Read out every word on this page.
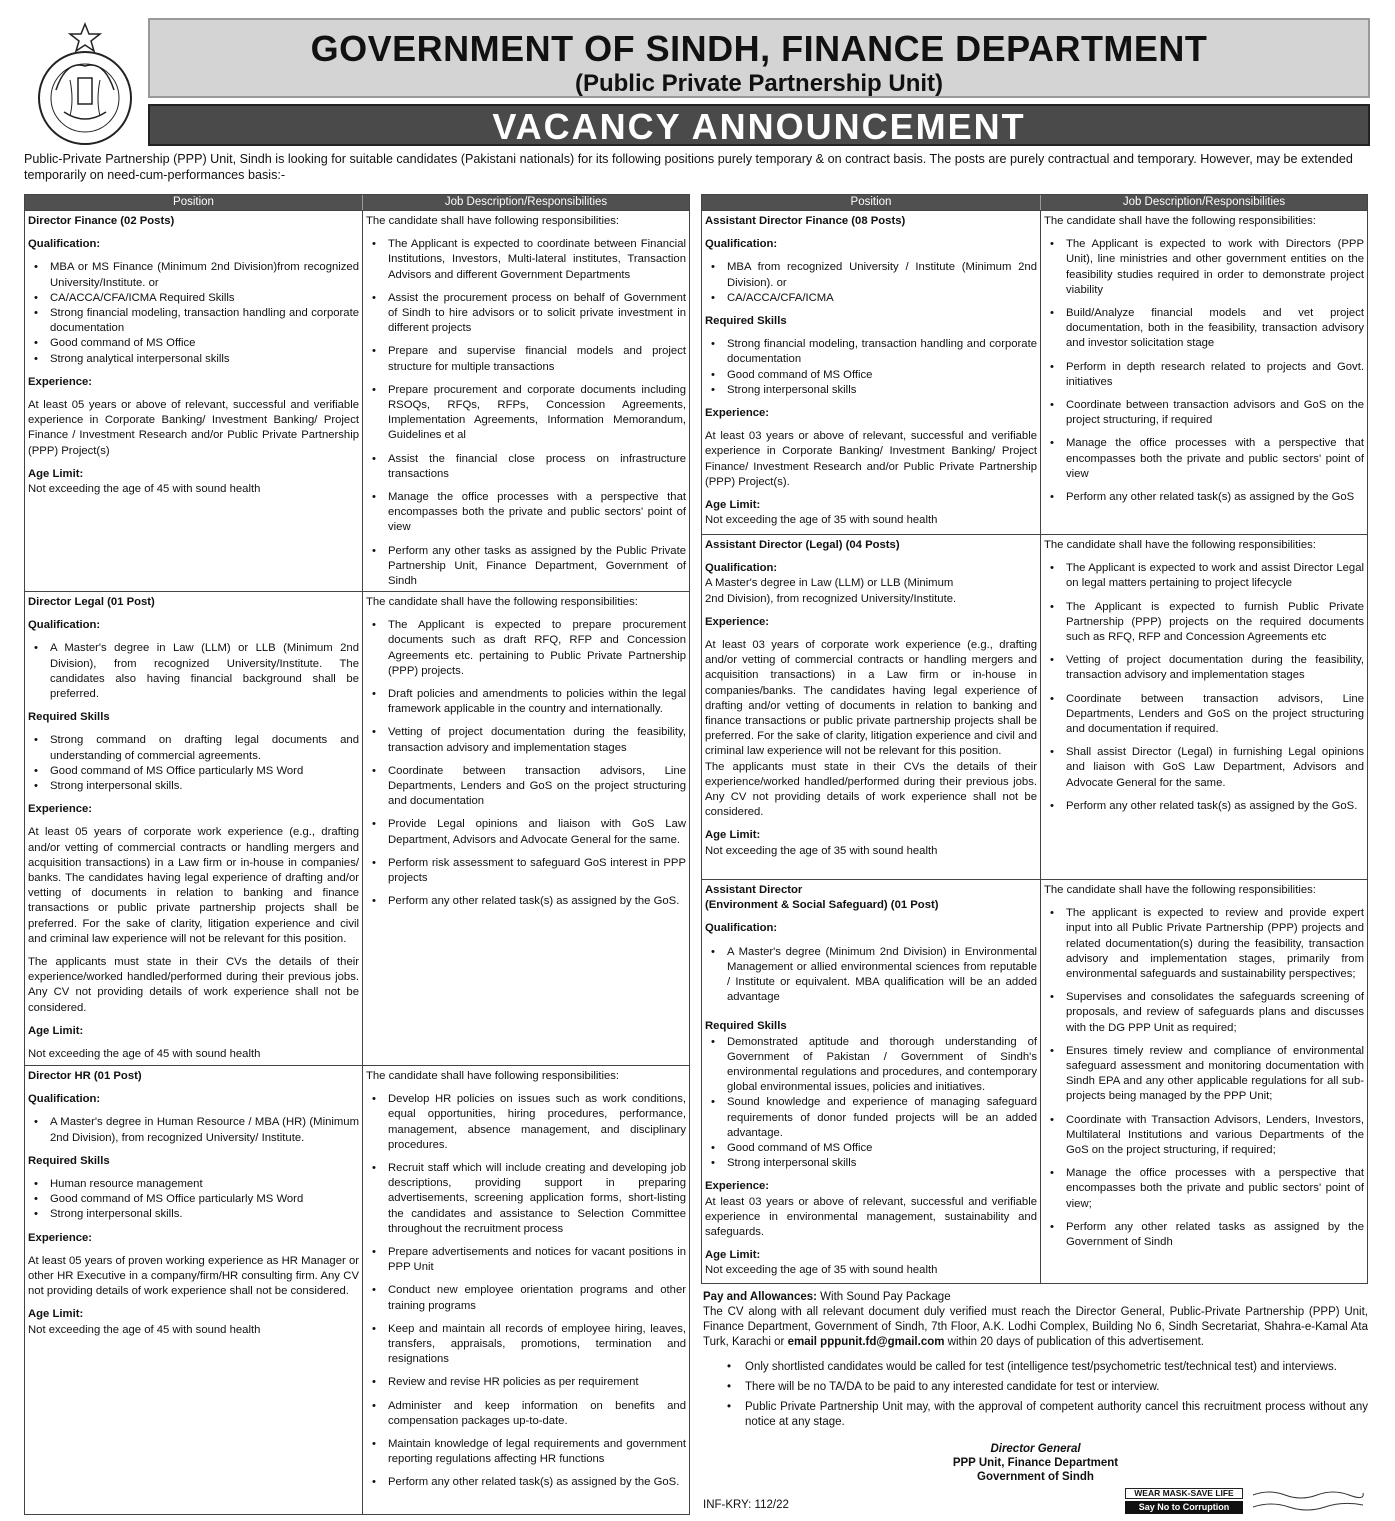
GOVERNMENT OF SINDH, FINANCE DEPARTMENT
(Public Private Partnership Unit)
VACANCY ANNOUNCEMENT
Public-Private Partnership (PPP) Unit, Sindh is looking for suitable candidates (Pakistani nationals) for its following positions purely temporary & on contract basis. The posts are purely contractual and temporary. However, may be extended temporarily on need-cum-performances basis:-
Position	Job Description/Responsibilities
Director Finance (02 Posts)
Qualification:
• MBA or MS Finance (Minimum 2nd Division)from recognized University/Institute. or
• CA/ACCA/CFA/ICMA Required Skills
• Strong financial modeling, transaction handling and corporate documentation
• Good command of MS Office
• Strong analytical interpersonal skills
Experience:

At least 05 years or above of relevant, successful and verifiable experience in Corporate Banking/ Investment Banking/ Project Finance / Investment Research and/or Public Private Partnership (PPP) Project(s)

Age Limit:

Not exceeding the age of 45 with sound health

The candidate shall have following responsibilities:

• The Applicant is expected to coordinate between Financial Institutions, Investors, Multi-lateral institutes, Transaction Advisors and different Government Departments
• Assist the procurement process on behalf of Government of Sindh to hire advisors or to solicit private investment in different projects
• Prepare and supervise financial models and project structure for multiple transactions
• Prepare procurement and corporate documents including RSOQs, RFQs, RFPs, Concession Agreements, Implementation Agreements, Information Memorandum, Guidelines et al
• Assist the financial close process on infrastructure transactions
• Manage the office processes with a perspective that encompasses both the private and public sectors' point of view
• Perform any other tasks as assigned by the Public Private Partnership Unit, Finance Department, Government of Sindh
Director Legal (01 Post)
Qualification:
• A Master's degree in Law (LLM) or LLB (Minimum 2nd Division), from recognized University/Institute. The candidates also having financial background shall be preferred.
Required Skills
• Strong command on drafting legal documents and understanding of commercial agreements.
• Good command of MS Office particularly MS Word
• Strong interpersonal skills.
Experience:

At least 05 years of corporate work experience (e.g., drafting and/or vetting of commercial contracts or handling mergers and acquisition transactions) in a Law firm or in-house in companies/ banks. The candidates having legal experience of drafting and/or vetting of documents in relation to banking and finance transactions or public private partnership projects shall be preferred. For the sake of clarity, litigation experience and civil and criminal law experience will not be relevant for this position.

The applicants must state in their CVs the details of their experience/worked handled/performed during their previous jobs. Any CV not providing details of work experience shall not be considered.

Age Limit:

Not exceeding the age of 45 with sound health

The candidate shall have the following responsibilities:

• The Applicant is expected to prepare procurement documents such as draft RFQ, RFP and Concession Agreements etc. pertaining to Public Private Partnership (PPP) projects.
• Draft policies and amendments to policies within the legal framework applicable in the country and internationally.
• Vetting of project documentation during the feasibility, transaction advisory and implementation stages
• Coordinate between transaction advisors, Line Departments, Lenders and GoS on the project structuring and documentation
• Provide Legal opinions and liaison with GoS Law Department, Advisors and Advocate General for the same.
• Perform risk assessment to safeguard GoS interest in PPP projects
• Perform any other related task(s) as assigned by the GoS.
Director HR (01 Post)
Qualification:
• A Master's degree in Human Resource / MBA (HR) (Minimum 2nd Division), from recognized University/ Institute.
Required Skills
• Human resource management
• Good command of MS Office particularly MS Word
• Strong interpersonal skills.
Experience:

At least 05 years of proven working experience as HR Manager or other HR Executive in a company/firm/HR consulting firm. Any CV not providing details of work experience shall not be considered.

Age Limit:

Not exceeding the age of 45 with sound health

The candidate shall have following responsibilities:

• Develop HR policies on issues such as work conditions, equal opportunities, hiring procedures, performance, management, absence management, and disciplinary procedures.
• Recruit staff which will include creating and developing job descriptions, providing support in preparing advertisements, screening application forms, short-listing the candidates and assistance to Selection Committee throughout the recruitment process
• Prepare advertisements and notices for vacant positions in PPP Unit
• Conduct new employee orientation programs and other training programs
• Keep and maintain all records of employee hiring, leaves, transfers, appraisals, promotions, termination and resignations
• Review and revise HR policies as per requirement
• Administer and keep information on benefits and compensation packages up-to-date.
• Maintain knowledge of legal requirements and government reporting regulations affecting HR functions
• Perform any other related task(s) as assigned by the GoS.
Position	Job Description/Responsibilities
Assistant Director Finance (08 Posts)
Qualification:
• MBA from recognized University / Institute (Minimum 2nd Division). or
• CA/ACCA/CFA/ICMA
Required Skills
• Strong financial modeling, transaction handling and corporate documentation
• Good command of MS Office
• Strong interpersonal skills
Experience:

At least 03 years or above of relevant, successful and verifiable experience in Corporate Banking/ Investment Banking/ Project Finance/ Investment Research and/or Public Private Partnership (PPP) Project(s).

Age Limit:

Not exceeding the age of 35 with sound health

The candidate shall have the following responsibilities:

• The Applicant is expected to work with Directors (PPP Unit), line ministries and other government entities on the feasibility studies required in order to demonstrate project viability
• Build/Analyze financial models and vet project documentation, both in the feasibility, transaction advisory and investor solicitation stage
• Perform in depth research related to projects and Govt. initiatives
• Coordinate between transaction advisors and GoS on the project structuring, if required
• Manage the office processes with a perspective that encompasses both the private and public sectors' point of view
• Perform any other related task(s) as assigned by the GoS
Assistant Director (Legal) (04 Posts)
Qualification:

A Master's degree in Law (LLM) or LLB (Minimum 2nd Division), from recognized University/Institute.

Experience:

At least 03 years of corporate work experience (e.g., drafting and/or vetting of commercial contracts or handling mergers and acquisition transactions) in a Law firm or in-house in companies/banks. The candidates having legal experience of drafting and/or vetting of documents in relation to banking and finance transactions or public private partnership projects shall be preferred. For the sake of clarity, litigation experience and civil and criminal law experience will not be relevant for this position.

The applicants must state in their CVs the details of their experience/worked handled/performed during their previous jobs. Any CV not providing details of work experience shall not be considered.

Age Limit:

Not exceeding the age of 35 with sound health

The candidate shall have the following responsibilities:

• The Applicant is expected to work and assist Director Legal on legal matters pertaining to project lifecycle
• The Applicant is expected to furnish Public Private Partnership (PPP) projects on the required documents such as RFQ, RFP and Concession Agreements etc
• Vetting of project documentation during the feasibility, transaction advisory and implementation stages
• Coordinate between transaction advisors, Line Departments, Lenders and GoS on the project structuring and documentation if required.
• Shall assist Director (Legal) in furnishing Legal opinions and liaison with GoS Law Department, Advisors and Advocate General for the same.
• Perform any other related task(s) as assigned by the GoS.
Assistant Director
(Environment & Social Safeguard) (01 Post)
Qualification:
• A Master's degree (Minimum 2nd Division) in Environmental Management or allied environmental sciences from reputable / Institute or equivalent. MBA qualification will be an added advantage
Required Skills
• Demonstrated aptitude and thorough understanding of Government of Pakistan / Government of Sindh's environmental regulations and procedures, and contemporary global environmental issues, policies and initiatives.
• Sound knowledge and experience of managing safeguard requirements of donor funded projects will be an added advantage.
• Good command of MS Office
• Strong interpersonal skills
Experience:

At least 03 years or above of relevant, successful and verifiable experience in environmental management, sustainability and safeguards.

Age Limit:

Not exceeding the age of 35 with sound health

The candidate shall have the following responsibilities:

• The applicant is expected to review and provide expert input into all Public Private Partnership (PPP) projects and related documentation(s) during the feasibility, transaction advisory and implementation stages, primarily from environmental safeguards and sustainability perspectives;
• Supervises and consolidates the safeguards screening of proposals, and review of safeguards plans and discusses with the DG PPP Unit as required;
• Ensures timely review and compliance of environmental safeguard assessment and monitoring documentation with Sindh EPA and any other applicable regulations for all sub-projects being managed by the PPP Unit;
• Coordinate with Transaction Advisors, Lenders, Investors, Multilateral Institutions and various Departments of the GoS on the project structuring, if required;
• Manage the office processes with a perspective that encompasses both the private and public sectors' point of view;
• Perform any other related tasks as assigned by the Government of Sindh

Pay and Allowances: With Sound Pay Package

The CV along with all relevant document duly verified must reach the Director General, Public-Private Partnership (PPP) Unit, Finance Department, Government of Sindh, 7th Floor, A.K. Lodhi Complex, Building No 6, Sindh Secretariat, Shahra-e-Kamal Ata Turk, Karachi or email pppunit.fd@gmail.com within 20 days of publication of this advertisement.

• Only shortlisted candidates would be called for test (intelligence test/psychometric test/technical test) and interviews.
• There will be no TA/DA to be paid to any interested candidate for test or interview.
• Public Private Partnership Unit may, with the approval of competent authority cancel this recruitment process without any notice at any stage.
Director General
PPP Unit, Finance Department
Government of Sindh
INF-KRY: 112/22
WEAR MASK-SAVE LIFE
Say No to Corruption
